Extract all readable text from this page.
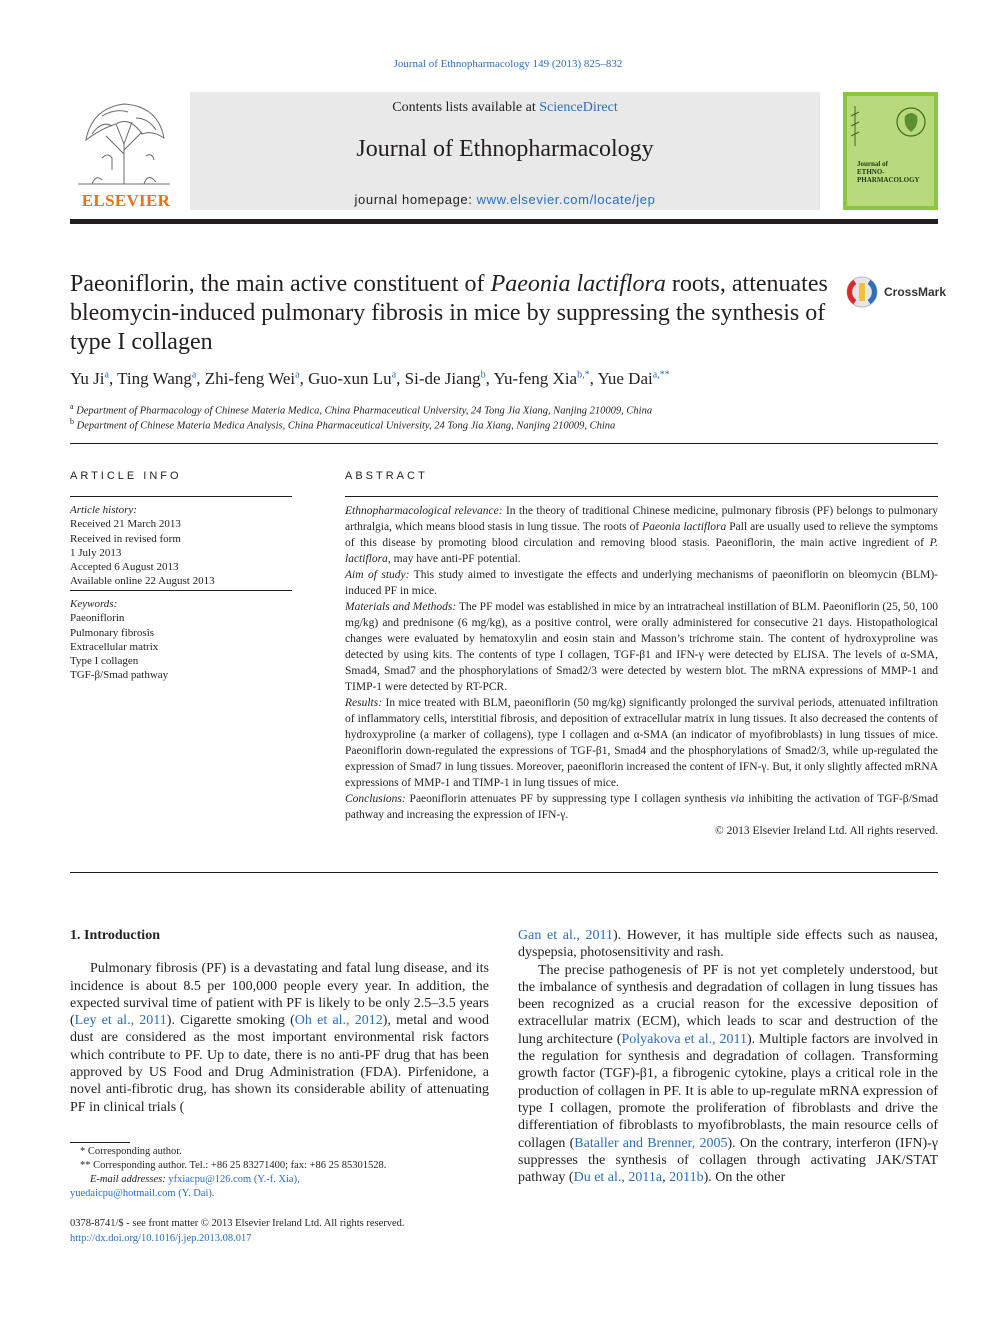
Journal of Ethnopharmacology 149 (2013) 825–832
ELSEVIER
Contents lists available at ScienceDirect
Journal of Ethnopharmacology
journal homepage: www.elsevier.com/locate/jep
Journal of ETHNO-PHARMACOLOGY
Paeoniflorin, the main active constituent of Paeonia lactiflora roots, attenuates bleomycin-induced pulmonary fibrosis in mice by suppressing the synthesis of type I collagen
CrossMark
Yu Ji$^a$, Ting Wang$^a$, Zhi-feng Wei$^a$, Guo-xun Lu$^a$, Si-de Jiang$^b$, Yu-feng Xia$^{b,*}$, Yue Dai$^{a,**}$
$^a$ Department of Pharmacology of Chinese Materia Medica, China Pharmaceutical University, 24 Tong Jia Xiang, Nanjing 210009, China
$^b$ Department of Chinese Materia Medica Analysis, China Pharmaceutical University, 24 Tong Jia Xiang, Nanjing 210009, China
ARTICLE INFO	ABSTRACT
Article history:
Received 21 March 2013
Received in revised form
1 July 2013
Accepted 6 August 2013
Available online 22 August 2013
Keywords:
Paeoniflorin
Pulmonary fibrosis
Extracellular matrix
Type I collagen
TGF-β/Smad pathway

Ethnopharmacological relevance: In the theory of traditional Chinese medicine, pulmonary fibrosis (PF) belongs to pulmonary arthralgia, which means blood stasis in lung tissue. The roots of Paeonia lactiflora Pall are usually used to relieve the symptoms of this disease by promoting blood circulation and removing blood stasis. Paeoniflorin, the main active ingredient of P. lactiflora, may have anti-PF potential.

Aim of study: This study aimed to investigate the effects and underlying mechanisms of paeoniflorin on bleomycin (BLM)-induced PF in mice.

Materials and Methods: The PF model was established in mice by an intratracheal instillation of BLM. Paeoniflorin (25, 50, 100 mg/kg) and prednisone (6 mg/kg), as a positive control, were orally administered for consecutive 21 days. Histopathological changes were evaluated by hematoxylin and eosin stain and Masson’s trichrome stain. The content of hydroxyproline was detected by using kits. The contents of type I collagen, TGF-β1 and IFN-γ were detected by ELISA. The levels of α-SMA, Smad4, Smad7 and the phosphorylations of Smad2/3 were detected by western blot. The mRNA expressions of MMP-1 and TIMP-1 were detected by RT-PCR.

Results: In mice treated with BLM, paeoniflorin (50 mg/kg) significantly prolonged the survival periods, attenuated infiltration of inflammatory cells, interstitial fibrosis, and deposition of extracellular matrix in lung tissues. It also decreased the contents of hydroxyproline (a marker of collagens), type I collagen and α-SMA (an indicator of myofibroblasts) in lung tissues of mice. Paeoniflorin down-regulated the expressions of TGF-β1, Smad4 and the phosphorylations of Smad2/3, while up-regulated the expression of Smad7 in lung tissues. Moreover, paeoniflorin increased the content of IFN-γ. But, it only slightly affected mRNA expressions of MMP-1 and TIMP-1 in lung tissues of mice.

Conclusions: Paeoniflorin attenuates PF by suppressing type I collagen synthesis via inhibiting the activation of TGF-β/Smad pathway and increasing the expression of IFN-γ.

© 2013 Elsevier Ireland Ltd. All rights reserved.

1. Introduction

Pulmonary fibrosis (PF) is a devastating and fatal lung disease, and its incidence is about 8.5 per 100,000 people every year. In addition, the expected survival time of patient with PF is likely to be only 2.5–3.5 years (Ley et al., 2011). Cigarette smoking (Oh et al., 2012), metal and wood dust are considered as the most important environmental risk factors which contribute to PF. Up to date, there is no anti-PF drug that has been approved by US Food and Drug Administration (FDA). Pirfenidone, a novel anti-fibrotic drug, has shown its considerable ability of attenuating PF in clinical trials (

Gan et al., 2011). However, it has multiple side effects such as nausea, dyspepsia, photosensitivity and rash.

The precise pathogenesis of PF is not yet completely understood, but the imbalance of synthesis and degradation of collagen in lung tissues has been recognized as a crucial reason for the excessive deposition of extracellular matrix (ECM), which leads to scar and destruction of the lung architecture (Polyakova et al., 2011). Multiple factors are involved in the regulation for synthesis and degradation of collagen. Transforming growth factor (TGF)-β1, a fibrogenic cytokine, plays a critical role in the production of collagen in PF. It is able to up-regulate mRNA expression of type I collagen, promote the proliferation of fibroblasts and drive the differentiation of fibroblasts to myofibroblasts, the main resource cells of collagen (Bataller and Brenner, 2005). On the contrary, interferon (IFN)-γ suppresses the synthesis of collagen through activating JAK/STAT pathway (Du et al., 2011a, 2011b). On the other

* Corresponding author.

** Corresponding author. Tel.: +86 25 83271400; fax: +86 25 85301528.

E-mail addresses: yfxiacpu@126.com (Y.-f. Xia),

yuedaicpu@hotmail.com (Y. Dai).

0378-8741/$ - see front matter © 2013 Elsevier Ireland Ltd. All rights reserved.

http://dx.doi.org/10.1016/j.jep.2013.08.017
